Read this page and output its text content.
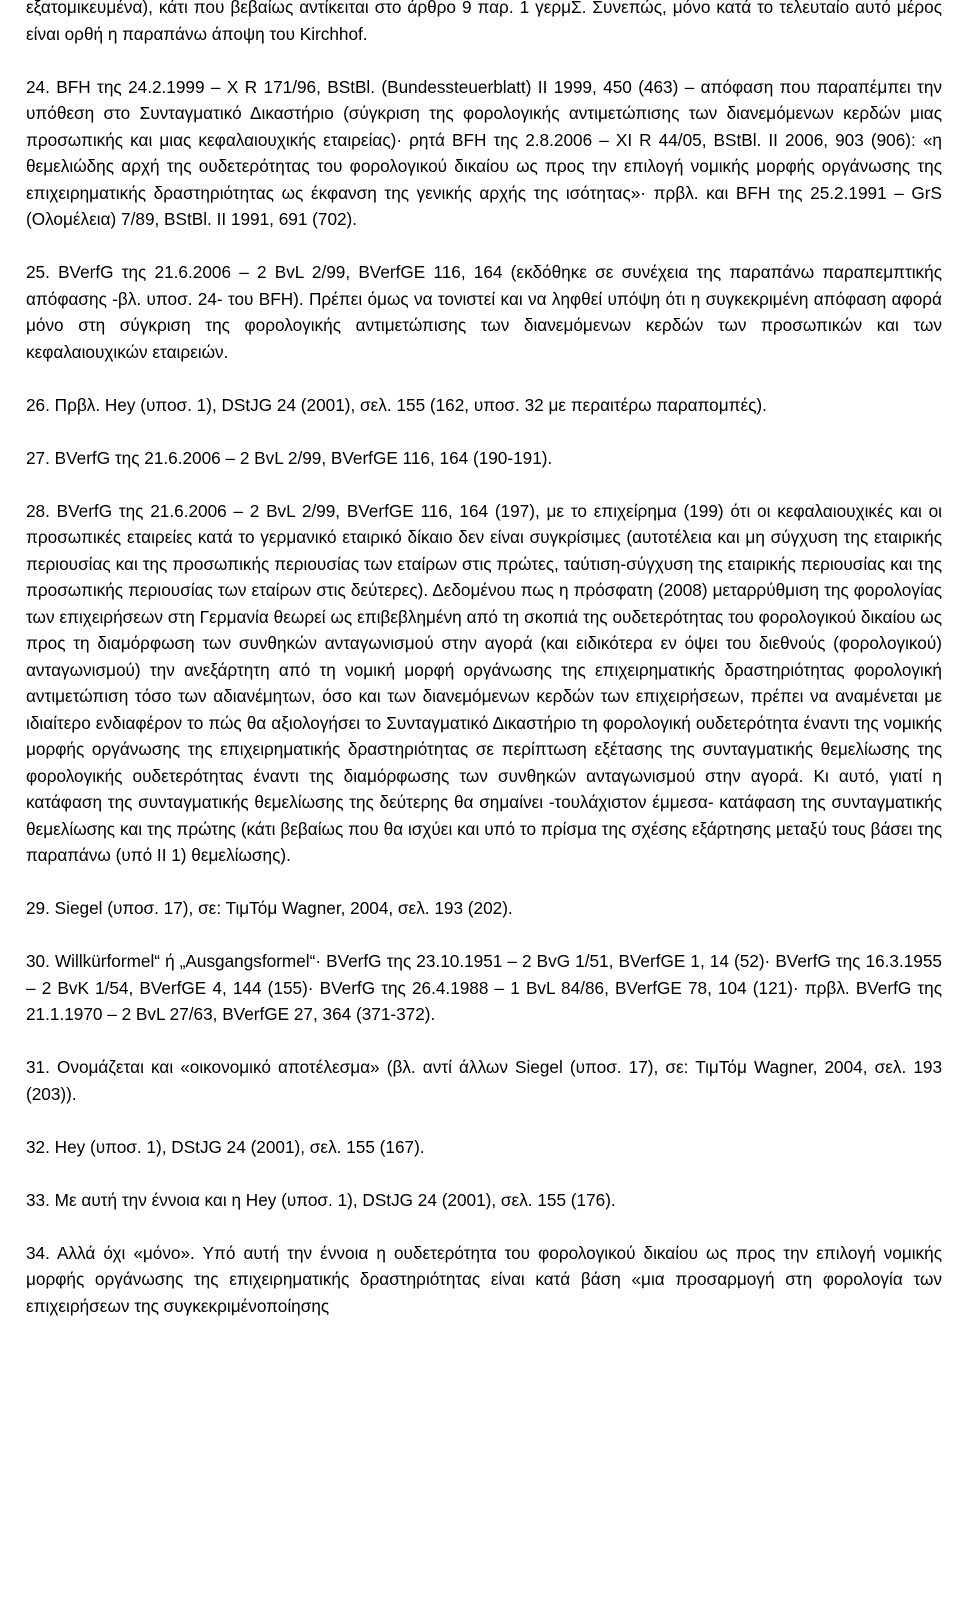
εξατομικευμένα), κάτι που βεβαίως αντίκειται στο άρθρο 9 παρ. 1 γερμΣ. Συνεπώς, μόνο κατά το τελευταίο αυτό μέρος είναι ορθή η παραπάνω άποψη του Kirchhof.

24. BFH της 24.2.1999 – X R 171/96, BStBl. (Bundessteuerblatt) II 1999, 450 (463) – απόφαση που παραπέμπει την υπόθεση στο Συνταγματικό Δικαστήριο (σύγκριση της φορολογικής αντιμετώπισης των διανεμόμενων κερδών μιας προσωπικής και μιας κεφαλαιουχικής εταιρείας)· ρητά BFH της 2.8.2006 – XI R 44/05, BStBl. II 2006, 903 (906): «η θεμελιώδης αρχή της ουδετερότητας του φορολογικού δικαίου ως προς την επιλογή νομικής μορφής οργάνωσης της επιχειρηματικής δραστηριότητας ως έκφανση της γενικής αρχής της ισότητας»· πρβλ. και BFH της 25.2.1991 – GrS (Ολομέλεια) 7/89, BStBl. II 1991, 691 (702).

25. BVerfG της 21.6.2006 – 2 BvL 2/99, BVerfGE 116, 164 (εκδόθηκε σε συνέχεια της παραπάνω παραπεμπτικής απόφασης -βλ. υποσ. 24- του BFH). Πρέπει όμως να τονιστεί και να ληφθεί υπόψη ότι η συγκεκριμένη απόφαση αφορά μόνο στη σύγκριση της φορολογικής αντιμετώπισης των διανεμόμενων κερδών των προσωπικών και των κεφαλαιουχικών εταιρειών.

26. Πρβλ. Hey (υποσ. 1), DStJG 24 (2001), σελ. 155 (162, υποσ. 32 με περαιτέρω παραπομπές).

27. BVerfG της 21.6.2006 – 2 BvL 2/99, BVerfGE 116, 164 (190-191).

28. BVerfG της 21.6.2006 – 2 BvL 2/99, BVerfGE 116, 164 (197), με το επιχείρημα (199) ότι οι κεφαλαιουχικές και οι προσωπικές εταιρείες κατά το γερμανικό εταιρικό δίκαιο δεν είναι συγκρίσιμες (αυτοτέλεια και μη σύγχυση της εταιρικής περιουσίας και της προσωπικής περιουσίας των εταίρων στις πρώτες, ταύτιση-σύγχυση της εταιρικής περιουσίας και της προσωπικής περιουσίας των εταίρων στις δεύτερες). Δεδομένου πως η πρόσφατη (2008) μεταρρύθμιση της φορολογίας των επιχειρήσεων στη Γερμανία θεωρεί ως επιβεβλημένη από τη σκοπιά της ουδετερότητας του φορολογικού δικαίου ως προς τη διαμόρφωση των συνθηκών ανταγωνισμού στην αγορά (και ειδικότερα εν όψει του διεθνούς (φορολογικού) ανταγωνισμού) την ανεξάρτητη από τη νομική μορφή οργάνωσης της επιχειρηματικής δραστηριότητας φορολογική αντιμετώπιση τόσο των αδιανέμητων, όσο και των διανεμόμενων κερδών των επιχειρήσεων, πρέπει να αναμένεται με ιδιαίτερο ενδιαφέρον το πώς θα αξιολογήσει το Συνταγματικό Δικαστήριο τη φορολογική ουδετερότητα έναντι της νομικής μορφής οργάνωσης της επιχειρηματικής δραστηριότητας σε περίπτωση εξέτασης της συνταγματικής θεμελίωσης της φορολογικής ουδετερότητας έναντι της διαμόρφωσης των συνθηκών ανταγωνισμού στην αγορά. Κι αυτό, γιατί η κατάφαση της συνταγματικής θεμελίωσης της δεύτερης θα σημαίνει -τουλάχιστον έμμεσα- κατάφαση της συνταγματικής θεμελίωσης και της πρώτης (κάτι βεβαίως που θα ισχύει και υπό το πρίσμα της σχέσης εξάρτησης μεταξύ τους βάσει της παραπάνω (υπό II 1) θεμελίωσης).

29. Siegel (υποσ. 17), σε: ΤιμΤόμ Wagner, 2004, σελ. 193 (202).

30. Willkürformel“ ή „Ausgangsformel“· BVerfG της 23.10.1951 – 2 BvG 1/51, BVerfGE 1, 14 (52)· BVerfG της 16.3.1955 – 2 BvK 1/54, BVerfGE 4, 144 (155)· BVerfG της 26.4.1988 – 1 BvL 84/86, BVerfGE 78, 104 (121)· πρβλ. BVerfG της 21.1.1970 – 2 BvL 27/63, BVerfGE 27, 364 (371-372).

31. Ονομάζεται και «οικονομικό αποτέλεσμα» (βλ. αντί άλλων Siegel (υποσ. 17), σε: ΤιμΤόμ Wagner, 2004, σελ. 193 (203)).

32. Hey (υποσ. 1), DStJG 24 (2001), σελ. 155 (167).

33. Με αυτή την έννοια και η Hey (υποσ. 1), DStJG 24 (2001), σελ. 155 (176).

34. Αλλά όχι «μόνο». Υπό αυτή την έννοια η ουδετερότητα του φορολογικού δικαίου ως προς την επιλογή νομικής μορφής οργάνωσης της επιχειρηματικής δραστηριότητας είναι κατά βάση «μια προσαρμογή στη φορολογία των επιχειρήσεων της συγκεκριμένοποίησης
